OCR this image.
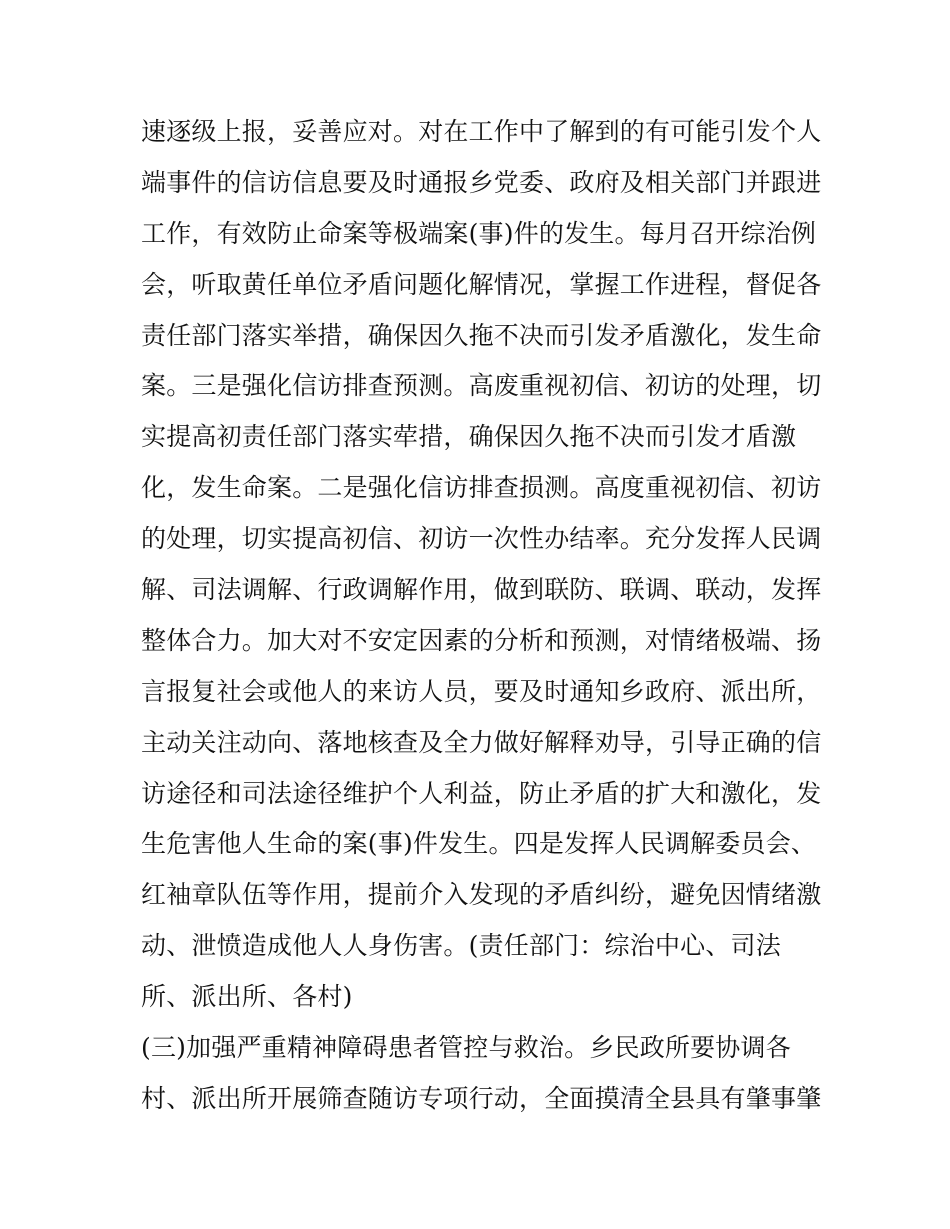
速逐级上报，妥善应对。对在工作中了解到的有可能引发个人
端事件的信访信息要及时通报乡党委、政府及相关部门并跟进
工作，有效防止命案等极端案(事)件的发生。每月召开综治例
会，听取黄任单位矛盾问题化解情况，掌握工作进程，督促各
责任部门落实举措，确保因久拖不决而引发矛盾激化，发生命
案。三是强化信访排查预测。高废重视初信、初访的处理，切
实提高初责任部门落实荦措，确保因久拖不决而引发才盾激
化，发生命案。二是强化信访排查损测。高度重视初信、初访
的处理，切实提高初信、初访一次性办结率。充分发挥人民调
解、司法调解、行政调解作用，做到联防、联调、联动，发挥
整体合力。加大对不安定因素的分析和预测，对情绪极端、扬
言报复社会或他人的来访人员，要及时通知乡政府、派出所，
主动关注动向、落地核查及全力做好解释劝导，引导正确的信
访途径和司法途径维护个人利益，防止矛盾的扩大和激化，发
生危害他人生命的案(事)件发生。四是发挥人民调解委员会、
红袖章队伍等作用，提前介入发现的矛盾纠纷，避免因情绪激
动、泄愤造成他人人身伤害。(责任部门：综治中心、司法
所、派出所、各村)
(三)加强严重精神障碍患者管控与救治。乡民政所要协调各
村、派出所开展筛查随访专项行动，全面摸清全县具有肇事肇
